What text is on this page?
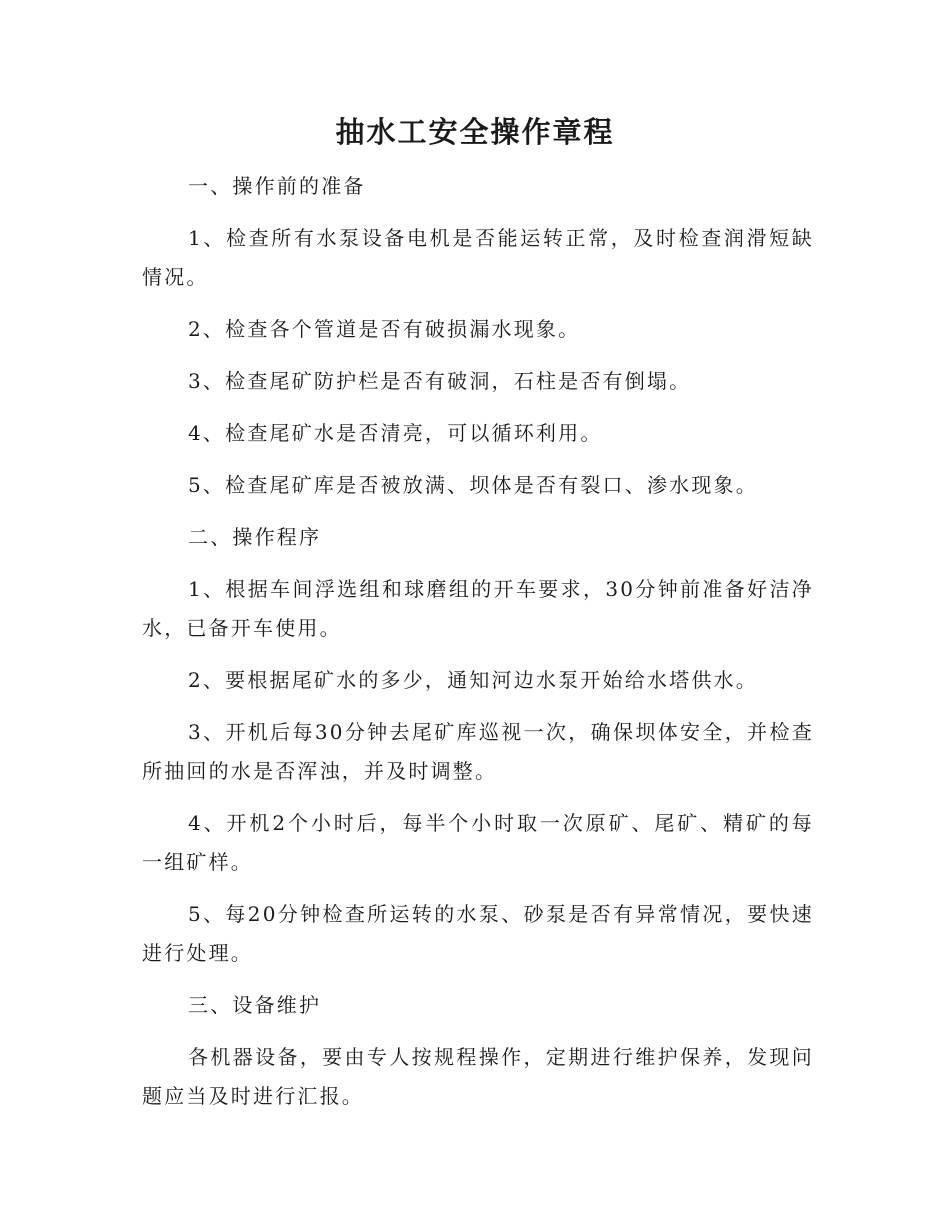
抽水工安全操作章程

一、操作前的准备

1、检查所有水泵设备电机是否能运转正常，及时检查润滑短缺情况。

2、检查各个管道是否有破损漏水现象。

3、检查尾矿防护栏是否有破洞，石柱是否有倒塌。

4、检查尾矿水是否清亮，可以循环利用。

5、检查尾矿库是否被放满、坝体是否有裂口、渗水现象。

二、操作程序

1、根据车间浮选组和球磨组的开车要求，30分钟前准备好洁净水，已备开车使用。

2、要根据尾矿水的多少，通知河边水泵开始给水塔供水。

3、开机后每30分钟去尾矿库巡视一次，确保坝体安全，并检查所抽回的水是否浑浊，并及时调整。

4、开机2个小时后，每半个小时取一次原矿、尾矿、精矿的每一组矿样。

5、每20分钟检查所运转的水泵、砂泵是否有异常情况，要快速进行处理。

三、设备维护

各机器设备，要由专人按规程操作，定期进行维护保养，发现问题应当及时进行汇报。
